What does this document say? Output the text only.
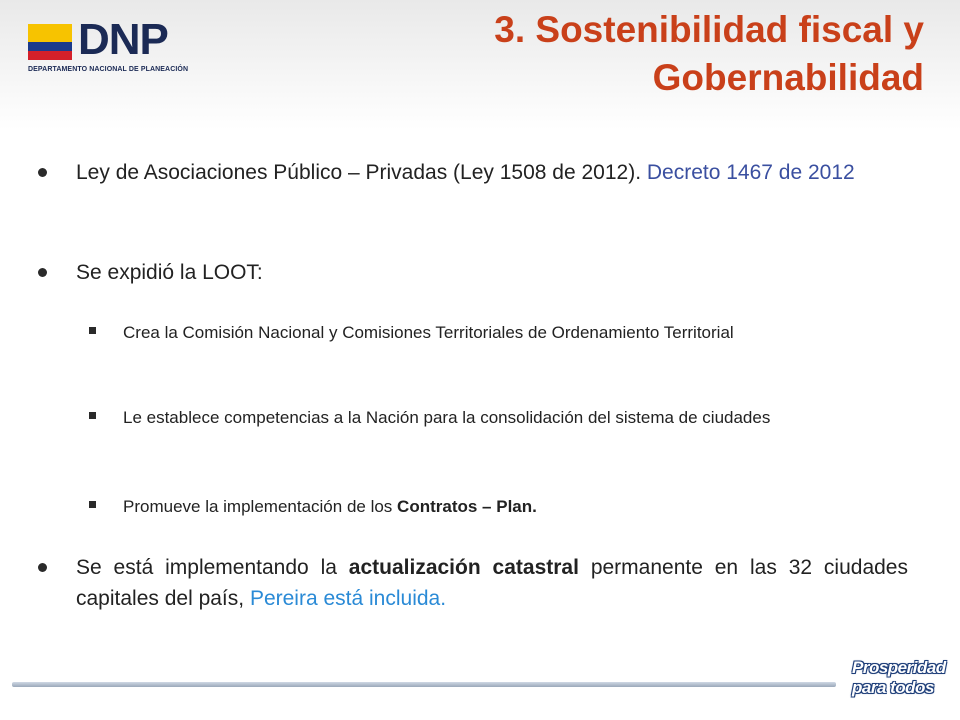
DNP
DEPARTAMENTO NACIONAL DE PLANEACIÓN
3. Sostenibilidad fiscal y
Gobernabilidad
Ley de Asociaciones Público – Privadas (Ley 1508 de 2012). Decreto 1467 de 2012
Se expidió la LOOT:
Crea la Comisión Nacional y Comisiones Territoriales de Ordenamiento Territorial
Le establece competencias a la Nación para la consolidación del sistema de ciudades
Promueve la implementación de los Contratos – Plan.
Se está implementando la actualización catastral permanente en las 32 ciudades capitales del país, Pereira está incluida.
Prosperidad
para todos
